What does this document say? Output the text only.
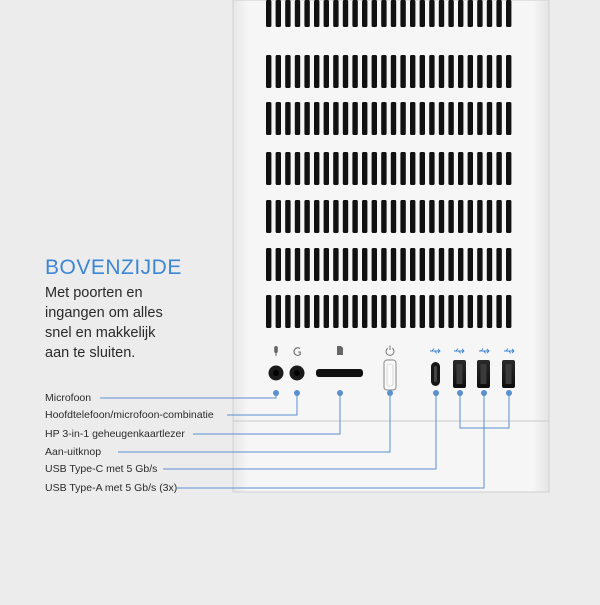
BOVENZIJDE
Met poorten en
ingangen om alles
snel en makkelijk
aan te sluiten.
Microfoon
Hoofdtelefoon/microfoon-combinatie
HP 3-in-1 geheugenkaartlezer
Aan-uitknop
USB Type-C met 5 Gb/s
USB Type-A met 5 Gb/s (3x)
